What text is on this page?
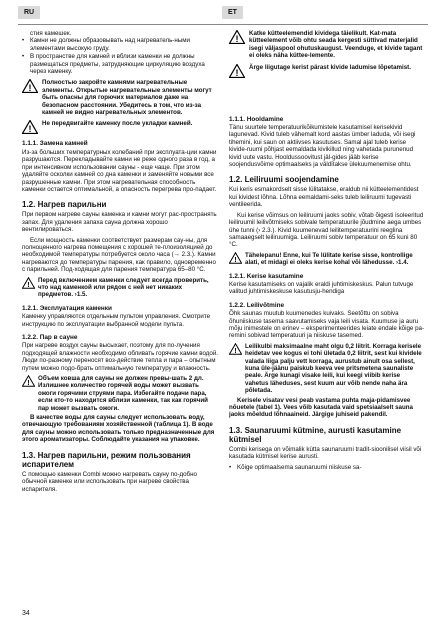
RU	ET
стия камешек.
• Камни не должны образовывать над нагреватель-ными элементами высокую груду.
• В пространстве для камней и вблизи каменки не должны размещаться предметы, затрудняющие циркуляцию воздуха через каменку.
!
Полностью закройте камнями нагревательные элементы. Открытые нагревательные элементы могут быть опасны для горючих материалов даже на безопасном расстоянии. Убедитесь в том, что из-за камней не видно нагревательных элементов.
!
Не передвигайте каменку после укладки камней.
1.1.1. Замена камней

Из-за больших температурных колебаний при эксплуата-ции камни разрушаются. Перекладывайте камни не реже одного раза в год, а при интенсивном использовании сауны - еще чаще. При этом удаляйте осколки камней со дна каменки и заменяйте новыми все разрушенные камни. При этом нагревательная способность каменки остается оптимальной, а опасность перегрева про-падает.

1.2. Нагрев парильни

При первом нагреве сауны каменка и камни могут рас-пространять запах. Для удаления запаха сауна должна хорошо вентилироваться.

Если мощность каменки соответствует размерам сау-ны, для полноценного нагрева помещения с хорошей те-плоизоляцией до необходимой температуры потребуется около часа (→ 2.3.). Камни нагреваются до температуры парения, как правило, одновременно с парильней. Под-ходящая для парения температура 65–80 °C.

! Перед включением каменки следует всегда проверить, что над каменкой или рядом с ней нет никаких предметов. ›1.5.
1.2.1. Эксплуатация каменки

Каменку управляются отдельным пультом управления. Смотрите инструкцию по эксплуатации выбранной модели пульта.

1.2.2. Пар в сауне

При нагреве воздух сауны высыхает, поэтому для по-лучения подходящей влажности необходимо обливать горячие камни водой. Люди по-разному переносят воз-действие тепла и пара – опытным путем можно подо-брать оптимальную температуру и влажность.

! Объем ковша для сауны не должен превы-шать 2 дл. Излишнее количество горячей воды может вызвать ожоги горячими струями пара. Избегайте подачи пара, если кто-то находится вблизи каменки, так как горячий пар может вызвать ожоги.

В качестве воды для сауны следует использовать воду, отвечающую требованиям хозяйственной (таблица 1). В воде для сауны можно использовать только предназначенные для этого ароматизаторы. Соблюдайте указания на упаковке.

1.3. Нагрев парильни, режим пользования испарителем

С помощью каменки Combi можно нагревать сауну по-добно обычной каменке или использовать при нагреве свойства испарителя.

!
Katke kütteelemendid kividega täielikult. Kat-mata kütteelement võib ohtu seada kergesti süttivad materjalid isegi väljaspool ohutuskaugust. Veenduge, et kivide tagant ei oleks näha küttee-lemente.
!
Ärge liigutage kerist pärast kivide ladumise lõpetamist.
1.1.1. Hooldamine

Tänu suurtele temperatuurikõikumistele kasutamisel kerisekivid lagunevad. Kivid tuleb vähemalt kord aastas ümber laduda, või isegi tihemini, kui saun on aktiivses kasutuses. Samal ajal tuleb kerise kivide-ruumi põhjast eemaldada kivikillud ning vahetada purunenud kivid uute vastu. Hooldussoovitust jäl-gides jääb kerise soojendusvõime optimaalseks ja väldītakse ülekuumenemise ohtu.

1.2. Leiliruumi soojendamine

Kui keris esmakordselt sisse lülitatakse, eraldub nii kütteelementidest kui kividest lõhna. Lõhna eemaldami-seks tuleb leiliruumi tugevasti ventileerida.

Kui kerise võimsus on leiliruumi jaoks sobiv, võtab õigesti isoleeritud leiliruumil leilivõtmiseks sobivale temperatuurile jõudmine aega umbes ühe tunni (› 2.3.). Kivid kuumenevad leilitemperatuurini reeglina samaaegselt leiliruumiga. Leiliruumi sobiv temperatuur on 65 kuni 80 °C.

! Tähelepanu! Enne, kui Te lülitate kerise sisse, kontrollige alati, et midagi ei oleks kerise kohal või lähedusse. ›1.4.
1.2.1. Kerise kasutamine

Kerise kasutamiseks on vajalik eraldi juhtimiskeskus. Palun tutvuge valitud juhtimiskeskuse kasutusju-hendiga

1.2.2. Leilivõtmine

Õhk saunas muutub kuumenedes kuivaks. Seetõttu on sobiva õhuniiskuse tasema saavutamiseks vaja leili visata. Kuumuse ja auru mõju inimestele on erinev – eksperimenteerides leiate endale kõige pa-remini sobivad temperatuuri ja niiskuse tasemed.

! Leilikulbi maksimaalne maht olgu 0,2 liitrit. Korraga kerisele heidetav vee kogus ei tohi ületada 0,2 liitrit, sest kui kividele valada liiga palju vett korraga, aurustub ainult osa sellest, kuna üle-jäänu paiskub keeva vee pritsmetena saunaliste peale. Ärge kunagi visake leili, kui keegi viibib kerise vahetus läheduses, sest kuum aur võib nende naha ära põletada.

Kerisele visatav vesi peab vastama puhta maja-pidamisvee nõuetele (tabel 1). Vees võib kasutada vaid spetsiaalselt sauna jaoks mõeldud lõhnaaineid. Järgige juhiseid pakendil.

1.3. Saunaruumi kütmine, aurusti kasutamine kütmisel

Combi kerisega on võimalik kütta saunaruumi tradit-sioonilisel viisil või kasutada kütmisel kerise aurusti.

• Kõige optimaalsema saunaruumi niiskuse sa-
34
